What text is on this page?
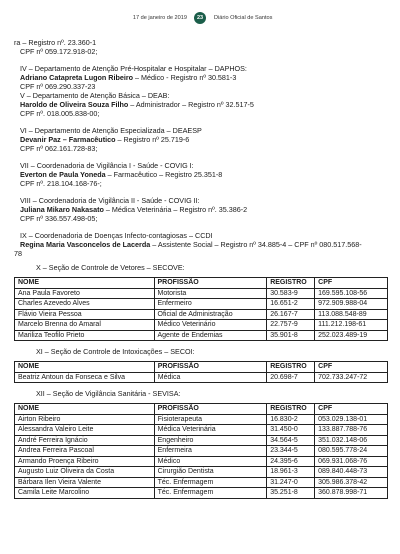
17 de janeiro de 2019	23	Diário Oficial de Santos
ra – Registro nº. 23.360-1
CPF nº 059.172.918-02;
IV – Departamento de Atenção Pré-Hospitalar e Hospitalar – DAPHOS:
Adriano Catapreta Lugon Ribeiro – Médico - Registro nº 30.581-3
CPF nº 069.290.337-23
V – Departamento de Atenção Básica – DEAB:
Haroldo de Oliveira Souza Filho – Administrador – Registro nº 32.517-5
CPF nº. 018.005.838-00;
VI – Departamento de Atenção Especializada – DEAESP
Devanir Paz – Farmacêutico – Registro nº 25.719-6
CPF nº 062.161.728-83;
VII – Coordenadoria de Vigilância I - Saúde - COVIG I:
Everton de Paula Yoneda – Farmacêutico – Registro 25.351-8
CPF nº. 218.104.168-76-;
VIII – Coordenadoria de Vigilância II - Saúde - COVIG II:
Juliana Mikaro Nakasato – Médica Veterinária – Registro nº. 35.386-2
CPF nº 336.557.498-05;
IX – Coordenadoria de Doenças Infecto-contagiosas – CCDI
Regina Maria Vasconcelos de Lacerda – Assistente Social – Registro nº 34.885-4 – CPF nº 080.517.568-
78
X – Seção de Controle de Vetores – SECOVE:
NOME	PROFISSÃO	REGISTRO	CPF
Ana Paula Favoreto	Motorista	30.583-9	169.595.108-56
Charles Azevedo Alves	Enfermeiro	16.651-2	972.909.988-04
Flávio Vieira Pessoa	Oficial de Administração	26.167-7	113.088.548-89
Marcelo Brenna do Amaral	Médico Veterinário	22.757-9	111.212.198-61
Mariliza Teofilo Prieto	Agente de Endemias	35.901-8	252.023.489-19
XI – Seção de Controle de Intoxicações – SECOI:
NOME	PROFISSÃO	REGISTRO	CPF
Beatriz Antoun da Fonseca e Silva	Médica	20.698-7	702.733.247-72
XII – Seção de Vigilância Sanitária - SEVISA:
NOME	PROFISSÃO	REGISTRO	CPF
Airton Ribeiro	Fisioterapeuta	16.830-2	053.029.138-01
Alessandra Valeiro Leite	Médica Veterinária	31.450-0	133.887.788-76
André Ferreira Ignácio	Engenheiro	34.564-5	351.032.148-06
Andrea Ferreira Pascoal	Enfermeira	23.344-5	080.595.778-24
Armando Proença Ribeiro	Médico	24.395-6	069.931.068-76
Augusto Luiz Oliveira da Costa	Cirurgião Dentista	18.961-3	089.840.448-73
Bárbara Ilen Vieira Valente	Téc. Enfermagem	31.247-0	305.986.378-42
Camila Leite Marcolino	Téc. Enfermagem	35.251-8	360.878.998-71
